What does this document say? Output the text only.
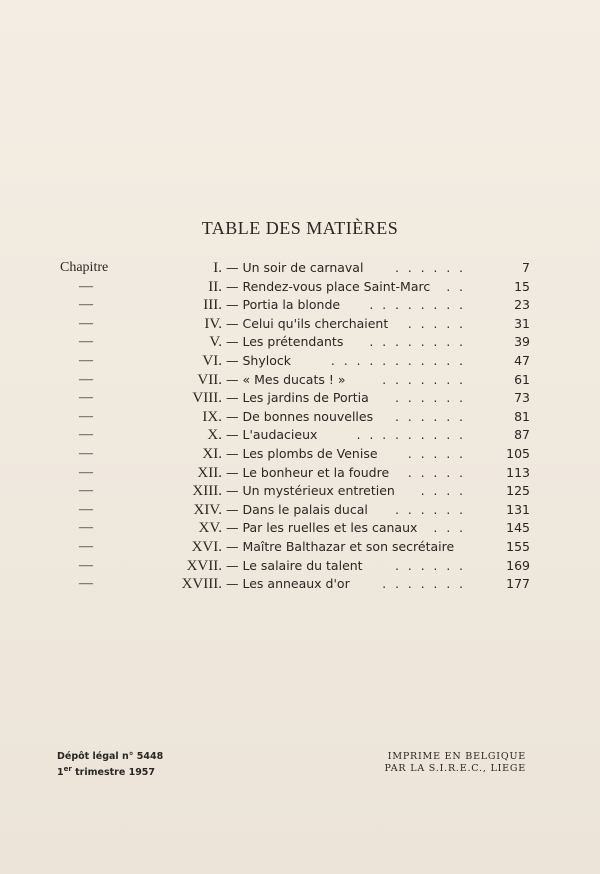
TABLE DES MATIÈRES
Chapitre	I. — Un soir de carnaval	......	7
—	II. — Rendez-vous place Saint-Marc ..	15
—	III. — Portia la blonde ........	23
—	IV. — Celui qu'ils cherchaient .....	31
—	V. — Les prétendants ........	39
—	VI. — Shylock	...........	47
—	VII. — « Mes ducats ! »	.......	61
—	VIII. — Les jardins de Portia ......	73
—	IX. — De bonnes nouvelles ......	81
—	X. — L'audacieux	.........	87
—	XI. — Les plombs de Venise	.....	105
—	XII. — Le bonheur et la foudre .....	113
—	XIII. — Un mystérieux entretien ....	125
—	XIV. — Dans le palais ducal ......	131
—	XV. — Par les ruelles et les canaux ...	145
—	XVI. — Maître Balthazar et son secrétaire	155
—	XVII. — Le salaire du talent	......	169
—	XVIII. — Les anneaux d'or	.......	177
Dépôt légal n° 5448
1er trimestre 1957
IMPRIME EN BELGIQUE
PAR LA S.I.R.E.C., LIEGE
